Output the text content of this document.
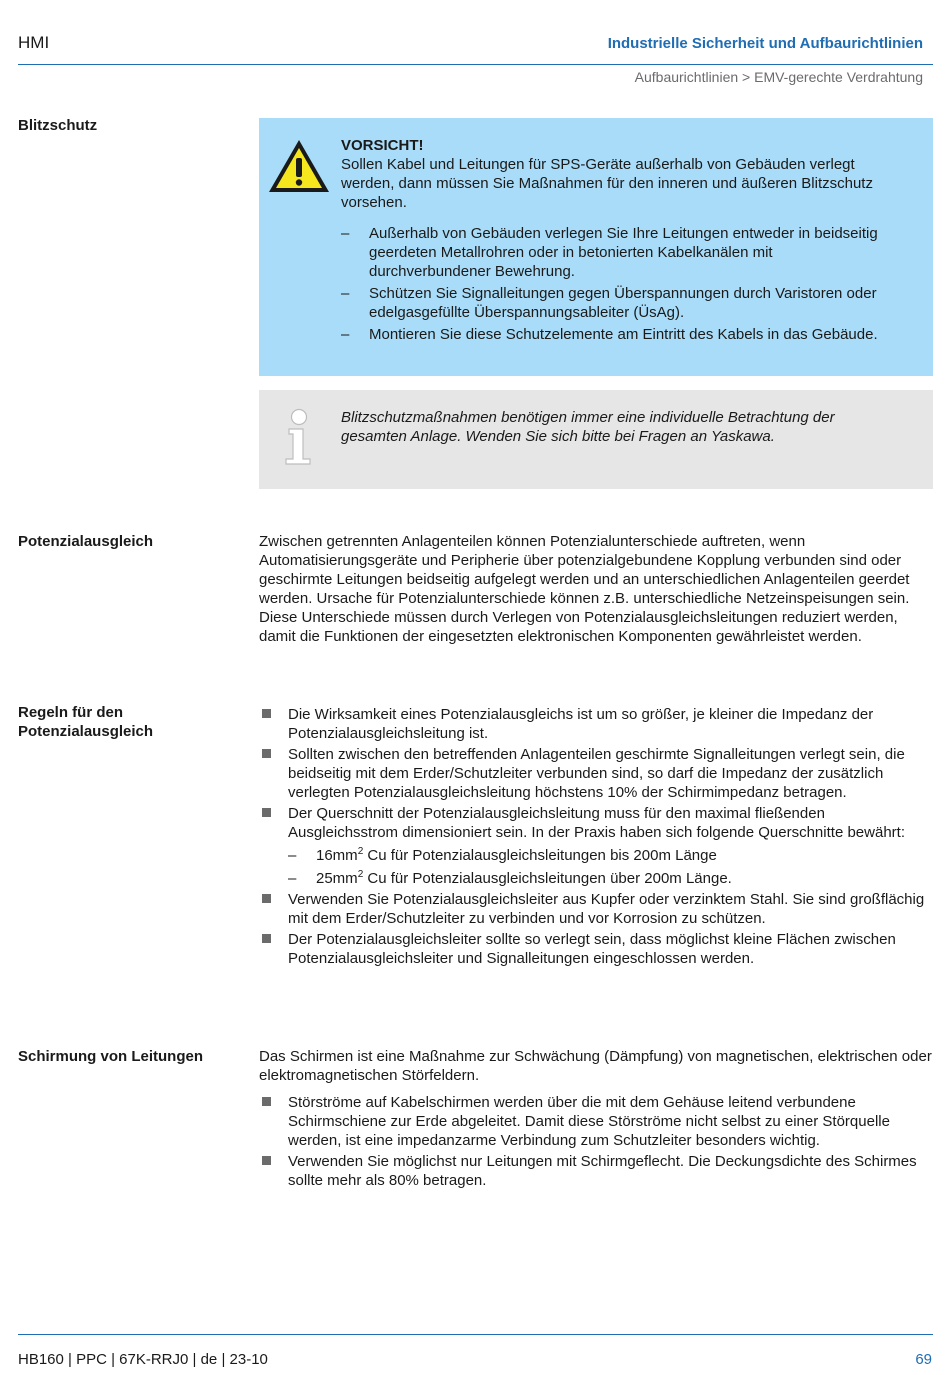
HMI	Industrielle Sicherheit und Aufbaurichtlinien
Aufbaurichtlinien > EMV-gerechte Verdrahtung
Blitzschutz
VORSICHT!
Sollen Kabel und Leitungen für SPS-Geräte außerhalb von Gebäuden verlegt werden, dann müssen Sie Maßnahmen für den inneren und äußeren Blitzschutz vorsehen.
– Außerhalb von Gebäuden verlegen Sie Ihre Leitungen entweder in beidseitig geerdeten Metallrohren oder in betonierten Kabelkanälen mit durchverbundener Bewehrung.
– Schützen Sie Signalleitungen gegen Überspannungen durch Varistoren oder edelgasgefüllte Überspannungsableiter (ÜsAg).
– Montieren Sie diese Schutzelemente am Eintritt des Kabels in das Gebäude.
Blitzschutzmaßnahmen benötigen immer eine individuelle Betrachtung der gesamten Anlage. Wenden Sie sich bitte bei Fragen an Yaskawa.
Potenzialausgleich	Zwischen getrennten Anlagenteilen können Potenzialunterschiede auftreten, wenn Automatisierungsgeräte und Peripherie über potenzialgebundene Kopplung verbunden sind oder geschirmte Leitungen beidseitig aufgelegt werden und an unterschiedlichen Anlagenteilen geerdet werden. Ursache für Potenzialunterschiede können z.B. unterschiedliche Netzeinspeisungen sein. Diese Unterschiede müssen durch Verlegen von Potenzialausgleichsleitungen reduziert werden, damit die Funktionen der eingesetzten elektronischen Komponenten gewährleistet werden.
Regeln für den Potenzialausgleich
Die Wirksamkeit eines Potenzialausgleichs ist um so größer, je kleiner die Impedanz der Potenzialausgleichsleitung ist.
Sollten zwischen den betreffenden Anlagenteilen geschirmte Signalleitungen verlegt sein, die beidseitig mit dem Erder/Schutzleiter verbunden sind, so darf die Impedanz der zusätzlich verlegten Potenzialausgleichsleitung höchstens 10% der Schirmimpedanz betragen.
Der Querschnitt der Potenzialausgleichsleitung muss für den maximal fließenden Ausgleichsstrom dimensioniert sein. In der Praxis haben sich folgende Querschnitte bewährt:
– $16mm^2$ Cu für Potenzialausgleichsleitungen bis 200m Länge
– $25mm^2$ Cu für Potenzialausgleichsleitungen über 200m Länge.
Verwenden Sie Potenzialausgleichsleiter aus Kupfer oder verzinktem Stahl. Sie sind großflächig mit dem Erder/Schutzleiter zu verbinden und vor Korrosion zu schützen.
Der Potenzialausgleichsleiter sollte so verlegt sein, dass möglichst kleine Flächen zwischen Potenzialausgleichsleiter und Signalleitungen eingeschlossen werden.
Schirmung von Leitungen	Das Schirmen ist eine Maßnahme zur Schwächung (Dämpfung) von magnetischen, elektrischen oder elektromagnetischen Störfeldern.
Störströme auf Kabelschirmen werden über die mit dem Gehäuse leitend verbundene Schirmschiene zur Erde abgeleitet. Damit diese Störströme nicht selbst zu einer Störquelle werden, ist eine impedanzarme Verbindung zum Schutzleiter besonders wichtig.
Verwenden Sie möglichst nur Leitungen mit Schirmgeflecht. Die Deckungsdichte des Schirmes sollte mehr als 80% betragen.
HB160 | PPC | 67K-RRJ0 | de | 23-10	69
